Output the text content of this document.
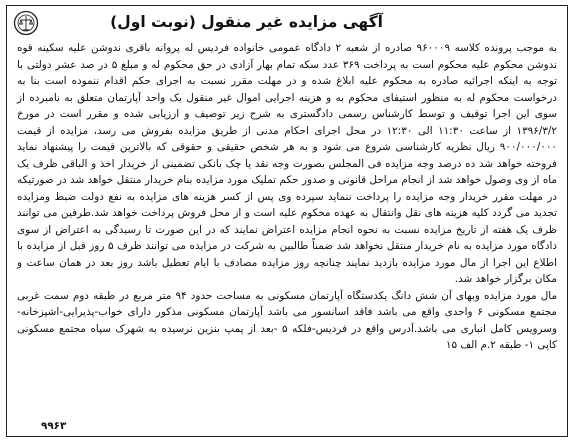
آگهی مزایده غیر منقول (نوبت اول)

به موجب پرونده کلاسه ۹۶۰۰۰۹ صادره از شعبه ۲ دادگاه عمومی خانواده فردیس له پروانه باقری ندوشن علیه سکینه قوه ندوشن محکوم علیه محکوم است به پرداخت ۳۶۹ عدد سکه تمام بهار آزادی در حق محکوم له و مبلغ ۵ در صد عشر دولتی با توجه به اینکه اجرائیه صادره به محکوم علیه ابلاغ شده و در مهلت مقرر نسبت به اجرای حکم اقدام ننموده است بنا به درخواست محکوم له به منظور استیفای محکوم به و هزینه اجرایی اموال غیر منقول یک واحد آپارتمان متعلق به نامبرده از سوی این اجرا توقیف و توسط کارشناس رسمی دادگستری به شرح زیر توصیف و ارزیابی شده و مقرر است در مورخ ۱۳۹۶/۳/۲ از ساعت ۱۱:۳۰ الی ۱۲:۳۰ در محل اجرای احکام مدنی از طریق مزایده بفروش می رسد، مزایده از قیمت ۹۰۰/۰۰۰/۰۰۰ ریال نظریه کارشناسی شروع می شود و به هر شخص حقیقی و حقوقی که بالاترین قیمت را پیشنهاد نماید فروخته خواهد شد ده درصد وجه مزایده فی المجلس بصورت وجه نقد یا چک بانکی تضمینی از خریدار اخذ و الباقی ظرف یک ماه از وی وصول خواهد شد از انجام مراحل قانونی و صدور حکم تملیک مورد مزایده بنام خریدار منتقل خواهد شد در صورتیکه در مهلت مقرر خریدار وجه مزایده را پرداخت ننماید سپرده وی پس از کسر هزینه های مزایده به نفع دولت ضبط ومزایده تجدید می گردد کلیه هزینه های نقل وانتقال به عهده محکوم علیه است و از محل فروش پرداخت خواهد شد.طرفین می توانند ظرف یک هفته از تاریخ مزایده نسبت به نحوه انجام مزایده اعتراض نمایند که در این صورت تا رسیدگی به اعتراض از سوی دادگاه مورد مزایده به نام خریدار منتقل نخواهد شد ضمناً طالبین به شرکت در مزایده می توانند ظرف ۵ روز قبل از مزایده با اطلاع این اجرا از مال مورد مزایده بازدید نمایند چنانچه روز مزایده مصادف با ایام تعطیل باشد روز بعد در همان ساعت و مکان برگزار خواهد شد.

مال مورد مزایده وبهای آن شش دانگ یکدستگاه آپارتمان مسکونی به مساحت حدود ۹۴ متر مربع در طبقه دوم سمت غربی مجتمع مسکونی ۶ واحدی واقع می باشد فاقد اسانسور می باشد آپارتمان مسکونی مذکور دارای خواب-پذیرایی-اشپزخانه- وسرویس کامل انباری می باشد.آدرس واقع در فردیس-فلکه ۵ -بعد از پمپ بنزین نرسیده به شهرک سپاه مجتمع مسکونی کاپی ۱- طبقه ۲.م الف ۱۵

۹۹۶۳
